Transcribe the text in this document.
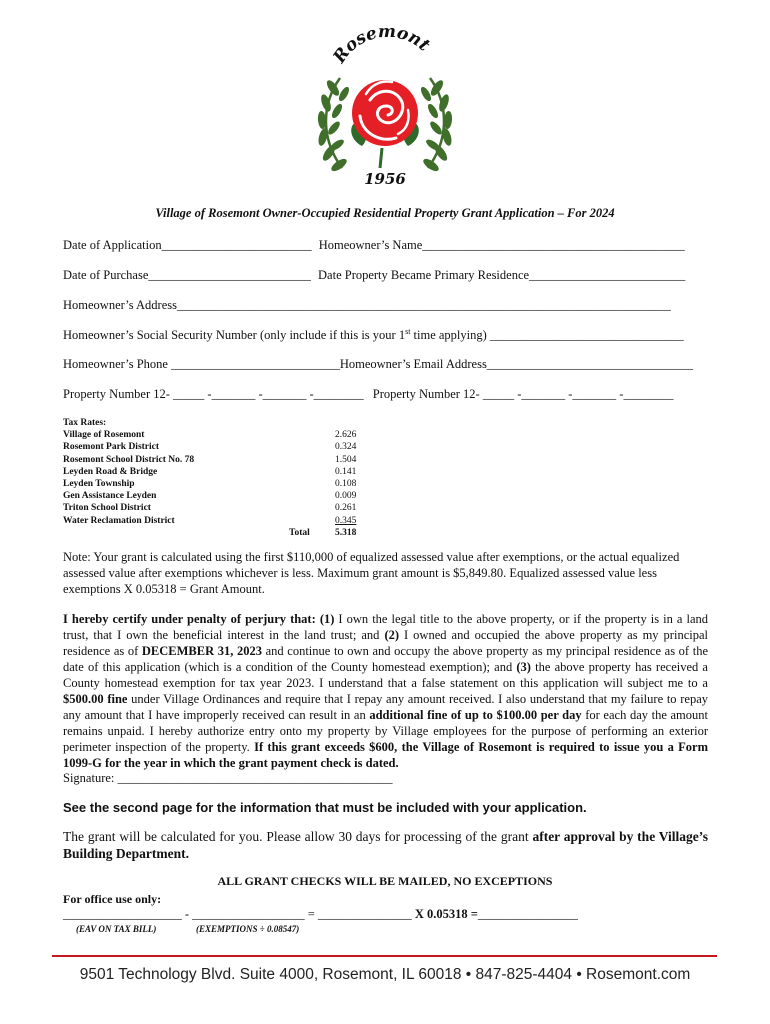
Rosemont
1956
Village of Rosemont Owner-Occupied Residential Property Grant Application – For 2024
Date of Application________________________ Homeowner’s Name__________________________________________
Date of Purchase__________________________ Date Property Became Primary Residence_________________________
Homeowner’s Address_______________________________________________________________________________
Homeowner’s Social Security Number (only include if this is your 1st time applying) _______________________________
Homeowner’s Phone ___________________________Homeowner’s Email Address_________________________________
Property Number 12- _____ -_______ -_______ -________ Property Number 12- _____ -_______ -_______ -________
Tax Rates:
Village of Rosemont	2.626
Rosemont Park District	0.324
Rosemont School District No. 78	1.504
Leyden Road & Bridge	0.141
Leyden Township	0.108
Gen Assistance Leyden	0.009
Triton School District	0.261
Water Reclamation District	0.345
Total	5.318
Note: Your grant is calculated using the first $110,000 of equalized assessed value after exemptions, or the actual equalized assessed value after exemptions whichever is less. Maximum grant amount is $5,849.80. Equalized assessed value less exemptions X 0.05318 = Grant Amount.
I hereby certify under penalty of perjury that: (1) I own the legal title to the above property, or if the property is in a land trust, that I own the beneficial interest in the land trust; and (2) I owned and occupied the above property as my principal residence as of DECEMBER 31, 2023 and continue to own and occupy the above property as my principal residence as of the date of this application (which is a condition of the County homestead exemption); and (3) the above property has received a County homestead exemption for tax year 2023. I understand that a false statement on this application will subject me to a $500.00 fine under Village Ordinances and require that I repay any amount received. I also understand that my failure to repay any amount that I have improperly received can result in an additional fine of up to $100.00 per day for each day the amount remains unpaid. I hereby authorize entry onto my property by Village employees for the purpose of performing an exterior perimeter inspection of the property. If this grant exceeds $600, the Village of Rosemont is required to issue you a Form 1099-G for the year in which the grant payment check is dated.
Signature: ____________________________________________
See the second page for the information that must be included with your application.
The grant will be calculated for you. Please allow 30 days for processing of the grant after approval by the Village’s Building Department.
ALL GRANT CHECKS WILL BE MAILED, NO EXCEPTIONS
For office use only:
___________________ - __________________ = _______________ X 0.05318 =________________
(EAV ON TAX BILL)	(EXEMPTIONS ÷ 0.08547)
9501 Technology Blvd. Suite 4000, Rosemont, IL 60018 • 847-825-4404 • Rosemont.com
